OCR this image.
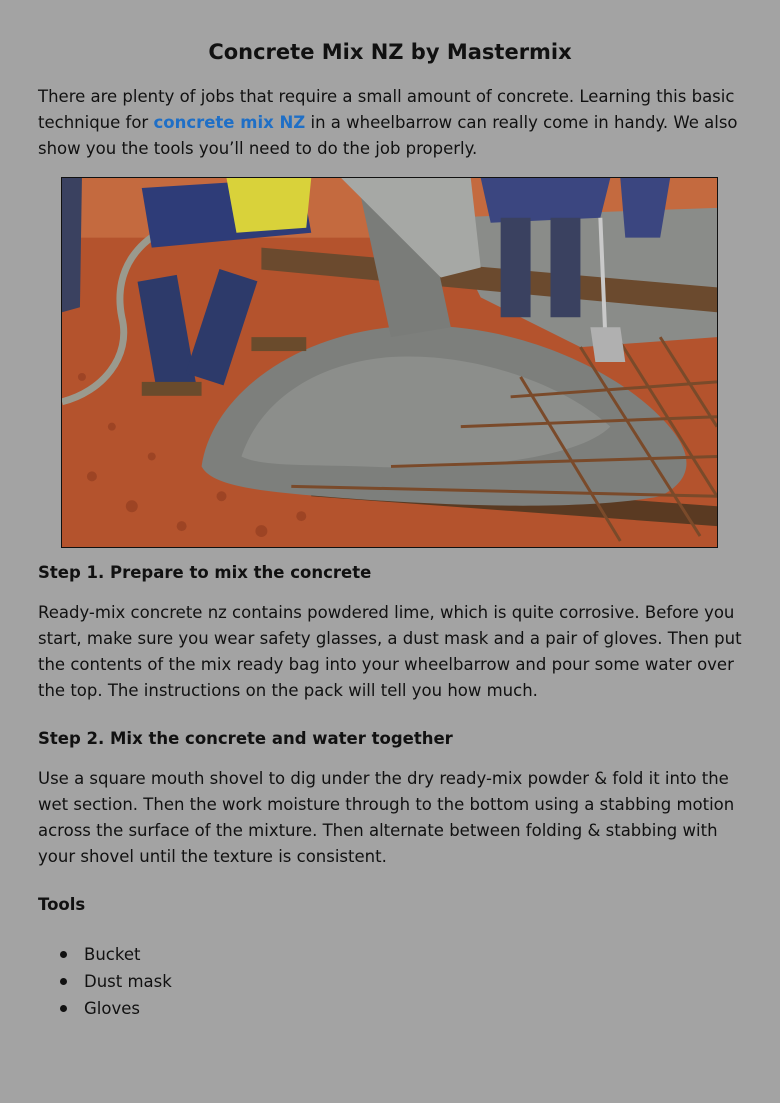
Concrete Mix NZ by Mastermix

There are plenty of jobs that require a small amount of concrete. Learning this basic technique for concrete mix NZ in a wheelbarrow can really come in handy. We also show you the tools you’ll need to do the job properly.

Step 1. Prepare to mix the concrete

Ready-mix concrete nz contains powdered lime, which is quite corrosive. Before you start, make sure you wear safety glasses, a dust mask and a pair of gloves. Then put the contents of the mix ready bag into your wheelbarrow and pour some water over the top. The instructions on the pack will tell you how much.

Step 2. Mix the concrete and water together

Use a square mouth shovel to dig under the dry ready-mix powder & fold it into the wet section. Then the work moisture through to the bottom using a stabbing motion across the surface of the mixture. Then alternate between folding & stabbing with your shovel until the texture is consistent.

Tools
Bucket
Dust mask
Gloves
